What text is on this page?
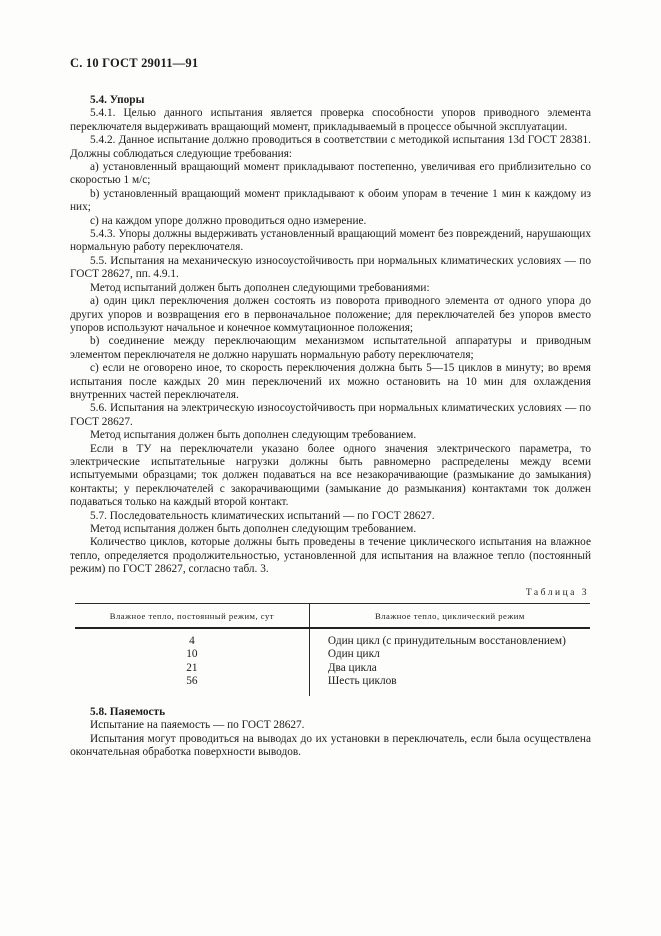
С. 10 ГОСТ 29011—91

5.4. Упоры

5.4.1. Целью данного испытания является проверка способности упоров приводного элемента переключателя выдерживать вращающий момент, прикладываемый в процессе обычной эксплуатации.

5.4.2. Данное испытание должно проводиться в соответствии с методикой испытания 13d ГОСТ 28381. Должны соблюдаться следующие требования:

a) установленный вращающий момент прикладывают постепенно, увеличивая его приблизительно со скоростью 1 м/с;

b) установленный вращающий момент прикладывают к обоим упорам в течение 1 мин к каждому из них;

c) на каждом упоре должно проводиться одно измерение.

5.4.3. Упоры должны выдерживать установленный вращающий момент без повреждений, нарушающих нормальную работу переключателя.

5.5. Испытания на механическую износоустойчивость при нормальных климатических условиях — по ГОСТ 28627, пп. 4.9.1.

Метод испытаний должен быть дополнен следующими требованиями:

a) один цикл переключения должен состоять из поворота приводного элемента от одного упора до других упоров и возвращения его в первоначальное положение; для переключателей без упоров вместо упоров используют начальное и конечное коммутационное положения;

b) соединение между переключающим механизмом испытательной аппаратуры и приводным элементом переключателя не должно нарушать нормальную работу переключателя;

c) если не оговорено иное, то скорость переключения должна быть 5—15 циклов в минуту; во время испытания после каждых 20 мин переключений их можно остановить на 10 мин для охлаждения внутренних частей переключателя.

5.6. Испытания на электрическую износоустойчивость при нормальных климатических условиях — по ГОСТ 28627.

Метод испытания должен быть дополнен следующим требованием.

Если в ТУ на переключатели указано более одного значения электрического параметра, то электрические испытательные нагрузки должны быть равномерно распределены между всеми испытуемыми образцами; ток должен подаваться на все незакорачивающие (размыкание до замыкания) контакты; у переключателей с закорачивающими (замыкание до размыкания) контактами ток должен подаваться только на каждый второй контакт.

5.7. Последовательность климатических испытаний — по ГОСТ 28627.

Метод испытания должен быть дополнен следующим требованием.

Количество циклов, которые должны быть проведены в течение циклического испытания на влажное тепло, определяется продолжительностью, установленной для испытания на влажное тепло (постоянный режим) по ГОСТ 28627, согласно табл. 3.

Таблица 3
Влажное тепло, постоянный режим, сут	Влажное тепло, циклический режим
4	Один цикл (с принудительным восстановлением)
10	Один цикл
21	Два цикла
56	Шесть циклов

5.8. Паяемость

Испытание на паяемость — по ГОСТ 28627.

Испытания могут проводиться на выводах до их установки в переключатель, если была осуществлена окончательная обработка поверхности выводов.
